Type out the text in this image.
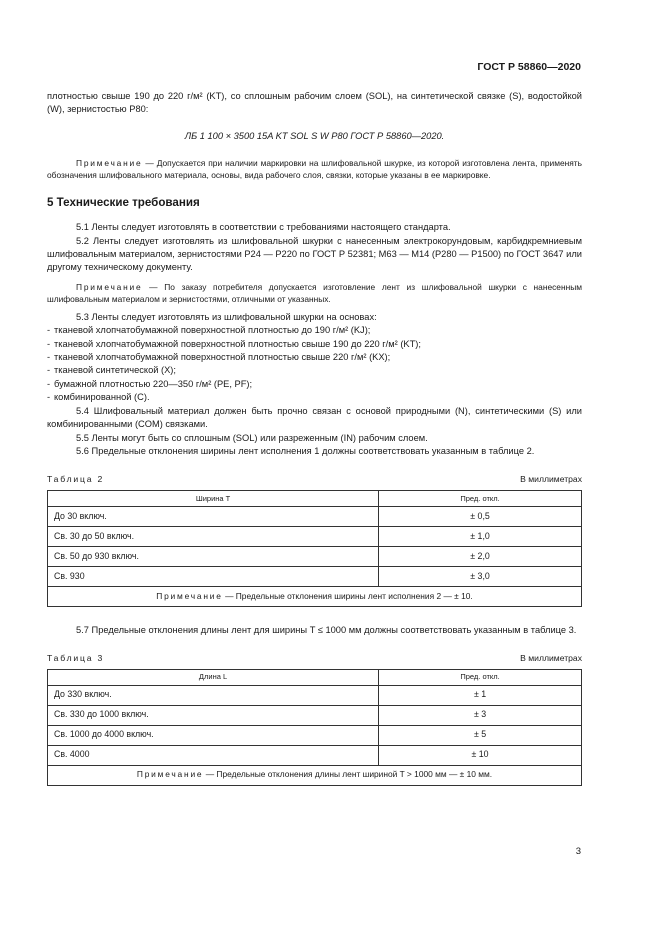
ГОСТ Р 58860—2020

плотностью свыше 190 до 220 г/м² (KT), со сплошным рабочим слоем (SOL), на синтетической связке (S), водостойкой (W), зернистостью P80:

ЛБ 1 100 × 3500 15A KT SOL S W P80 ГОСТ Р 58860—2020.

Примечание — Допускается при наличии маркировки на шлифовальной шкурке, из которой изготовлена лента, применять обозначения шлифовального материала, основы, вида рабочего слоя, связки, которые указаны в ее маркировке.

5 Технические требования

5.1 Ленты следует изготовлять в соответствии с требованиями настоящего стандарта.

5.2 Ленты следует изготовлять из шлифовальной шкурки с нанесенным электрокорундовым, карбидкремниевым шлифовальным материалом, зернистостями P24 — P220 по ГОСТ Р 52381; M63 — M14 (P280 — P1500) по ГОСТ 3647 или другому техническому документу.

Примечание — По заказу потребителя допускается изготовление лент из шлифовальной шкурки с нанесенным шлифовальным материалом и зернистостями, отличными от указанных.

5.3 Ленты следует изготовлять из шлифовальной шкурки на основах:

- тканевой хлопчатобумажной поверхностной плотностью до 190 г/м² (KJ);
- тканевой хлопчатобумажной поверхностной плотностью свыше 190 до 220 г/м² (KT);
- тканевой хлопчатобумажной поверхностной плотностью свыше 220 г/м² (KX);
- тканевой синтетической (X);
- бумажной плотностью 220—350 г/м² (PE, PF);
- комбинированной (C).

5.4 Шлифовальный материал должен быть прочно связан с основой природными (N), синтетическими (S) или комбинированными (COM) связками.

5.5 Ленты могут быть со сплошным (SOL) или разреженным (IN) рабочим слоем.

5.6 Предельные отклонения ширины лент исполнения 1 должны соответствовать указанным в таблице 2.

Таблица 2	В миллиметрах
Ширина T	Пред. откл.
До 30 включ.	± 0,5
Св. 30 до 50 включ.	± 1,0
Св. 50 до 930 включ.	± 2,0
Св. 930	± 3,0
Примечание — Предельные отклонения ширины лент исполнения 2 — ± 10.	

5.7 Предельные отклонения длины лент для ширины T ≤ 1000 мм должны соответствовать указанным в таблице 3.

Таблица 3	В миллиметрах
Длина L	Пред. откл.
До 330 включ.	± 1
Св. 330 до 1000 включ.	± 3
Св. 1000 до 4000 включ.	± 5
Св. 4000	± 10
Примечание — Предельные отклонения длины лент шириной T > 1000 мм — ± 10 мм.	
3
